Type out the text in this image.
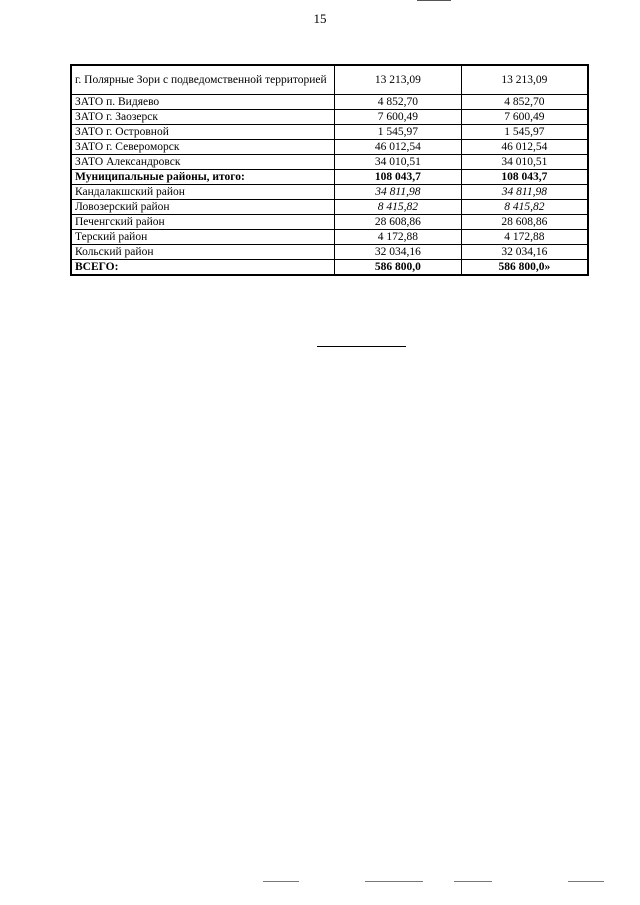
15
г. Полярные Зори с подведомственной территорией	13 213,09	13 213,09
ЗАТО п. Видяево	4 852,70	4 852,70
ЗАТО г. Заозерск	7 600,49	7 600,49
ЗАТО г. Островной	1 545,97	1 545,97
ЗАТО г. Североморск	46 012,54	46 012,54
ЗАТО Александровск	34 010,51	34 010,51
Муниципальные районы, итого:	108 043,7	108 043,7
Кандалакшский район	34 811,98	34 811,98
Ловозерский район	8 415,82	8 415,82
Печенгский район	28 608,86	28 608,86
Терский район	4 172,88	4 172,88
Кольский район	32 034,16	32 034,16
ВСЕГО:	586 800,0	586 800,0»
